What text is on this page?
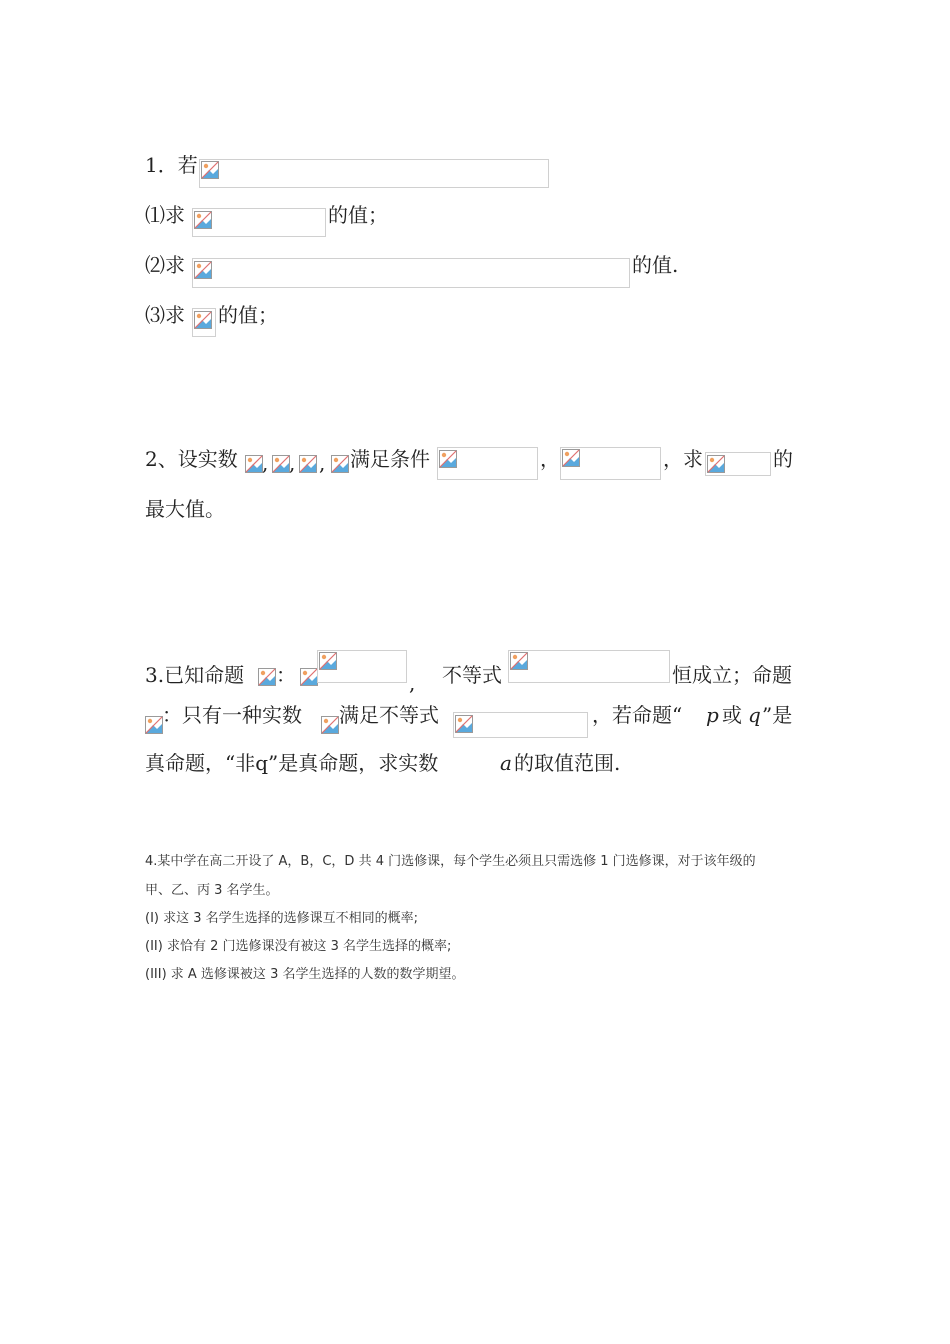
1．若
⑴求	的值；
⑵求	的值.
⑶求 的值；
2、设实数 , , , 满足条件	，	，求	的
最大值。
3.已知命题 ：	, 不等式	恒成立；命题
：只有一种实数 满足不等式	，若命题“ p 或 q ”是
真命题，“非q”是真命题，求实数	a 的取值范围.
4.某中学在高二开设了 A，B，C，D 共 4 门选修课，每个学生必须且只需选修 1 门选修课，对于该年级的
甲、乙、丙 3 名学生。
(I) 求这 3 名学生选择的选修课互不相同的概率;
(II) 求恰有 2 门选修课没有被这 3 名学生选择的概率;
(III) 求 A 选修课被这 3 名学生选择的人数的数学期望。
